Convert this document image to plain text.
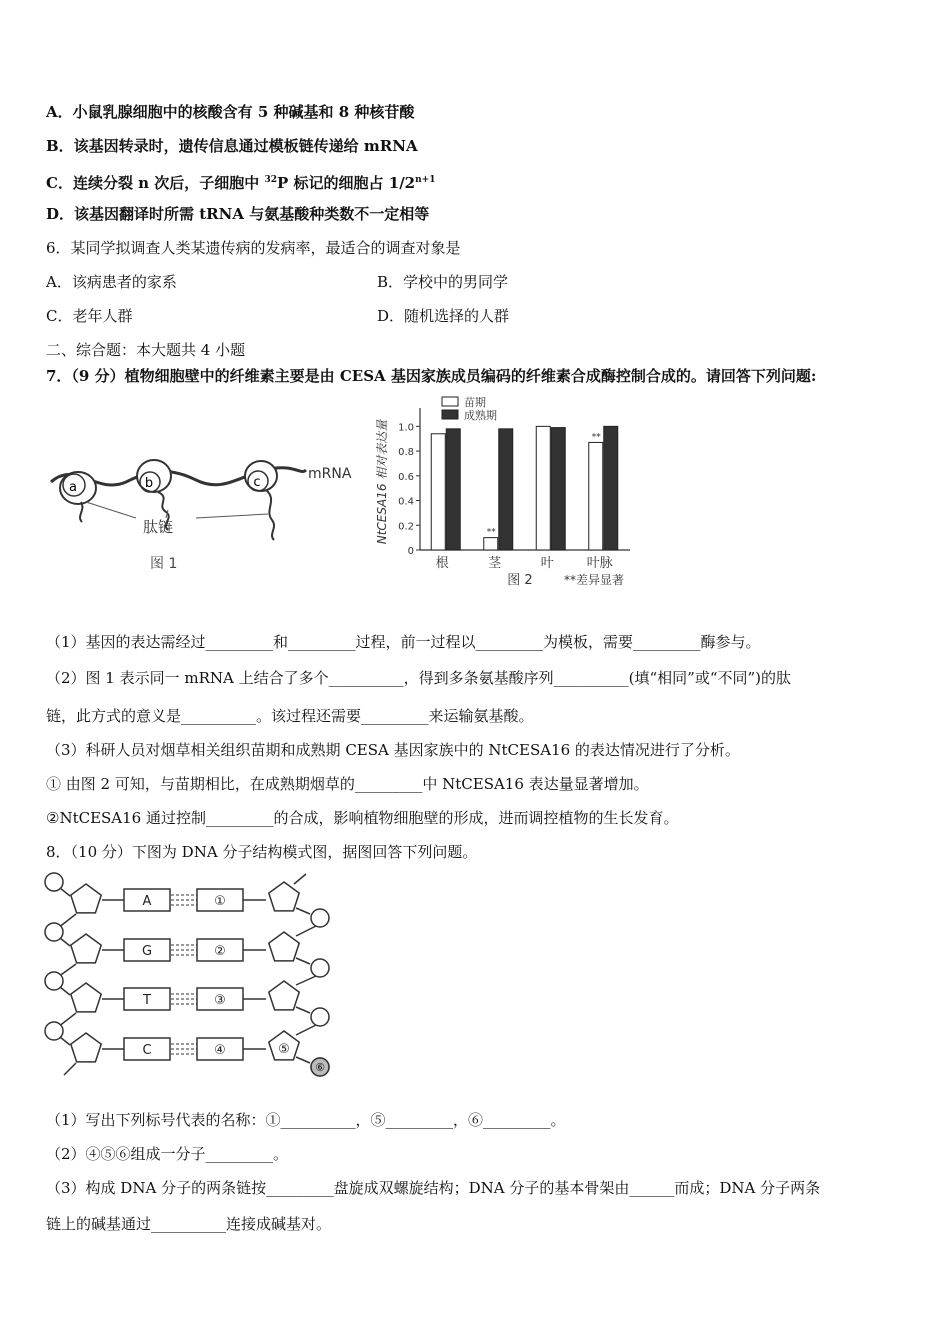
A．小鼠乳腺细胞中的核酸含有 5 种碱基和 8 种核苷酸
B．该基因转录时，遗传信息通过模板链传递给 mRNA
C．连续分裂 n 次后，子细胞中 $^{32}$P 标记的细胞占 $1/2^{n+1}$
D．该基因翻译时所需 tRNA 与氨基酸种类数不一定相等
6．某同学拟调查人类某遗传病的发病率，最适合的调查对象是
A．该病患者的家系	B．学校中的男同学
C．老年人群	D．随机选择的人群
二、综合题：本大题共 4 小题
7．（9 分）植物细胞壁中的纤维素主要是由 CESA 基因家族成员编码的纤维素合成酶控制合成的。请回答下列问题:
a	b	c
mRNA
肽链
图 1
0
0.2
0.4
0.6
0.8
1.0
NtCESA16 相对表达量
根
**
茎	叶
**
叶脉
苗期
成熟期
图 2	**差异显著
（1）基因的表达需经过_________和_________过程，前一过程以_________为模板，需要_________酶参与。
（2）图 1 表示同一 mRNA 上结合了多个__________，得到多条氨基酸序列__________(填“相同”或“不同”)的肽
链，此方式的意义是__________。该过程还需要_________来运输氨基酸。
（3）科研人员对烟草相关组织苗期和成熟期 CESA 基因家族中的 NtCESA16 的表达情况进行了分析。
① 由图 2 可知，与苗期相比，在成熟期烟草的_________中 NtCESA16 表达量显著增加。
②NtCESA16 通过控制_________的合成，影响植物细胞壁的形成，进而调控植物的生长发育。
8．（10 分）下图为 DNA 分子结构模式图，据图回答下列问题。
A	①
G	②
T	③
C	④	⑤
⑥
（1）写出下列标号代表的名称：①__________，⑤_________，⑥_________。
（2）④⑤⑥组成一分子_________。
（3）构成 DNA 分子的两条链按_________盘旋成双螺旋结构；DNA 分子的基本骨架由______而成；DNA 分子两条
链上的碱基通过__________连接成碱基对。
